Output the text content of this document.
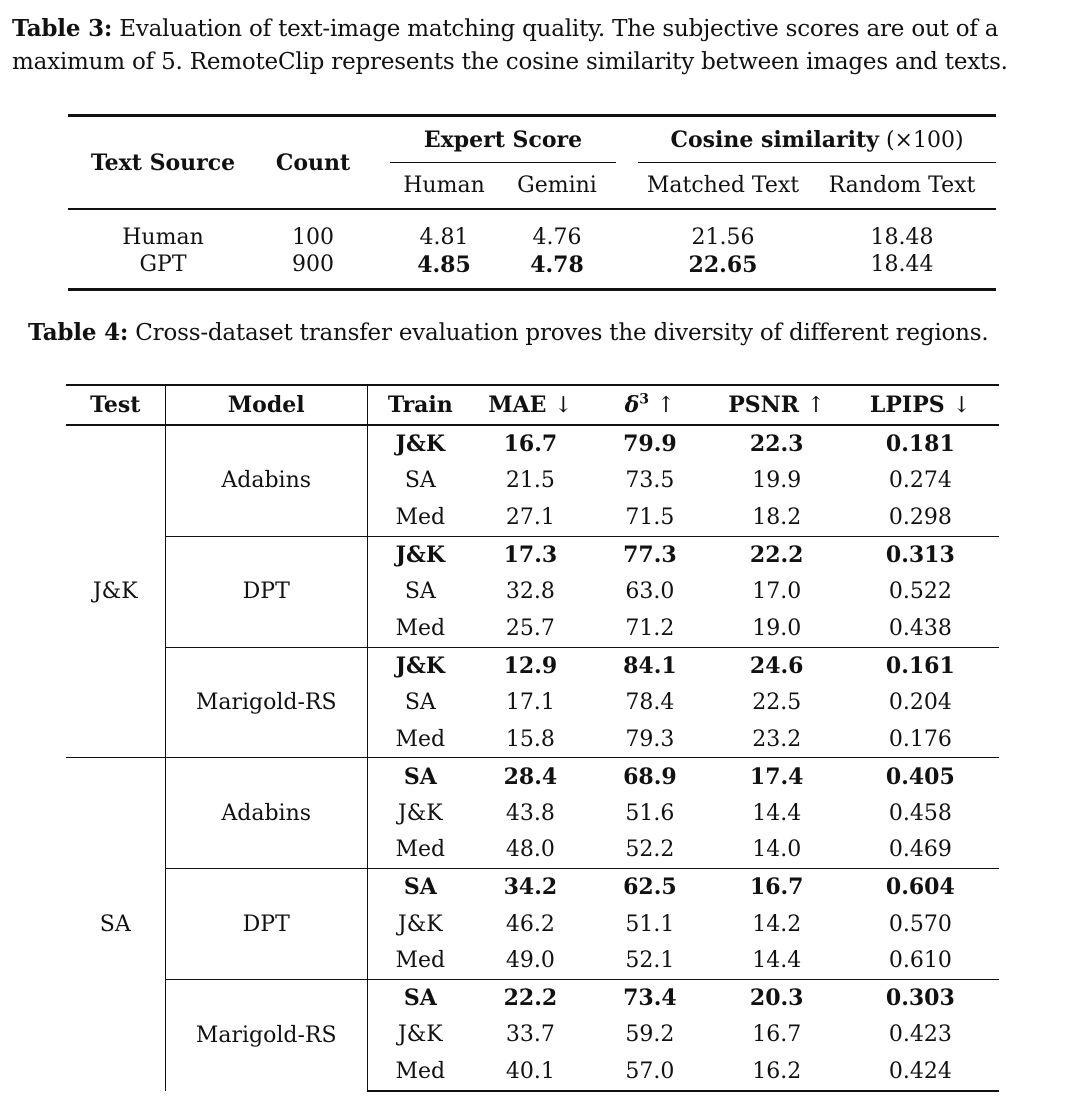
Table 3: Evaluation of text-image matching quality. The subjective scores are out of a maximum of 5. RemoteClip represents the cosine similarity between images and texts.

Text Source	Count		Expert Score			Cosine similarity (×100)	
			Human	Gemini		Matched Text	Random Text

Human	100		4.81	4.76		21.56	18.48
GPT	900		4.85	4.78		22.65	18.44

Table 4: Cross-dataset transfer evaluation proves the diversity of different regions.
Test	Model	Train	MAE ↓	$\delta^3$ ↑	PSNR ↑	LPIPS ↓
J&K	Adabins	J&K	16.7	79.9	22.3	0.181
		SA	21.5	73.5	19.9	0.274
		Med	27.1	71.5	18.2	0.298
	DPT	J&K	17.3	77.3	22.2	0.313
		SA	32.8	63.0	17.0	0.522
		Med	25.7	71.2	19.0	0.438
	Marigold-RS	J&K	12.9	84.1	24.6	0.161
		SA	17.1	78.4	22.5	0.204
		Med	15.8	79.3	23.2	0.176
SA	Adabins	SA	28.4	68.9	17.4	0.405
		J&K	43.8	51.6	14.4	0.458
		Med	48.0	52.2	14.0	0.469
	DPT	SA	34.2	62.5	16.7	0.604
		J&K	46.2	51.1	14.2	0.570
		Med	49.0	52.1	14.4	0.610
	Marigold-RS	SA	22.2	73.4	20.3	0.303
		J&K	33.7	59.2	16.7	0.423
		Med	40.1	57.0	16.2	0.424
